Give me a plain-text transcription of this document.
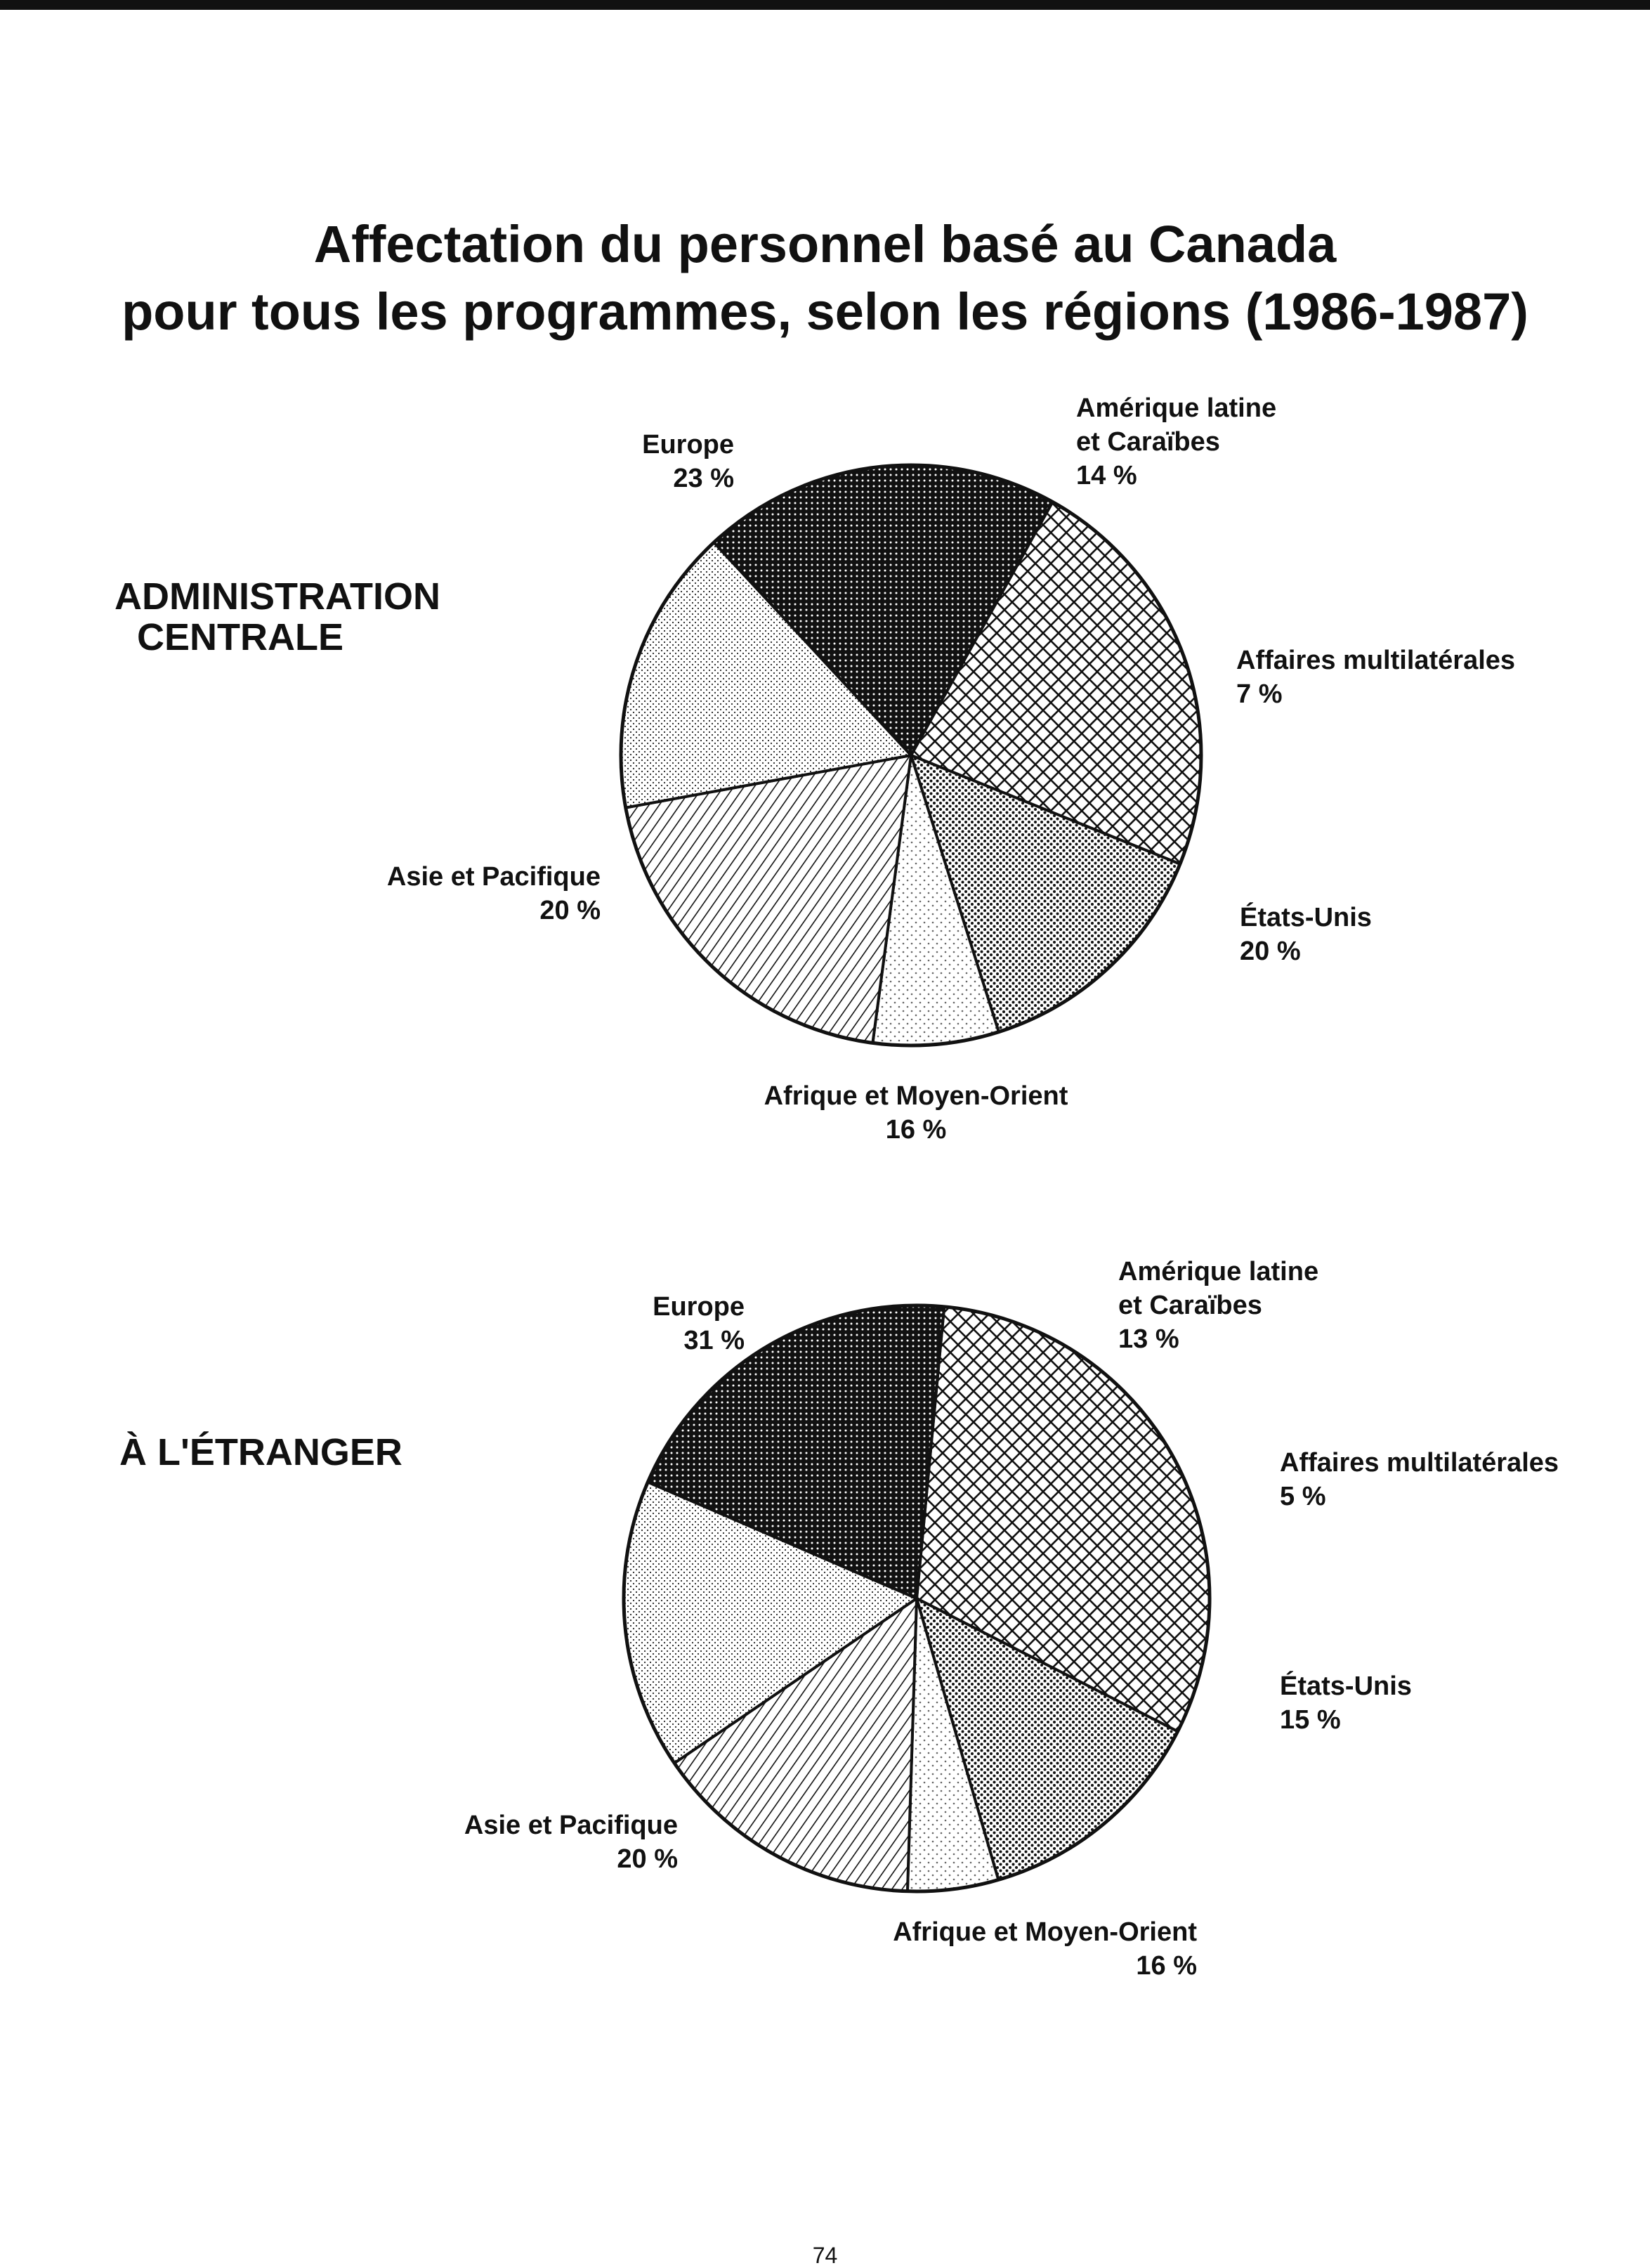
Affectation du personnel basé au Canada
pour tous les programmes, selon les régions (1986-1987)
ADMINISTRATION
CENTRALE
À L'ÉTRANGER
Europe 23 %
Amérique latine et Caraïbes 14 %
Affaires multilatérales 7 %
États-Unis 20 %
Afrique et Moyen-Orient 16 %
Asie et Pacifique 20 %
Europe 31 %
Amérique latine et Caraïbes 13 %
Affaires multilatérales 5 %
États-Unis 15 %
Afrique et Moyen-Orient 16 %
Asie et Pacifique 20 %
74
